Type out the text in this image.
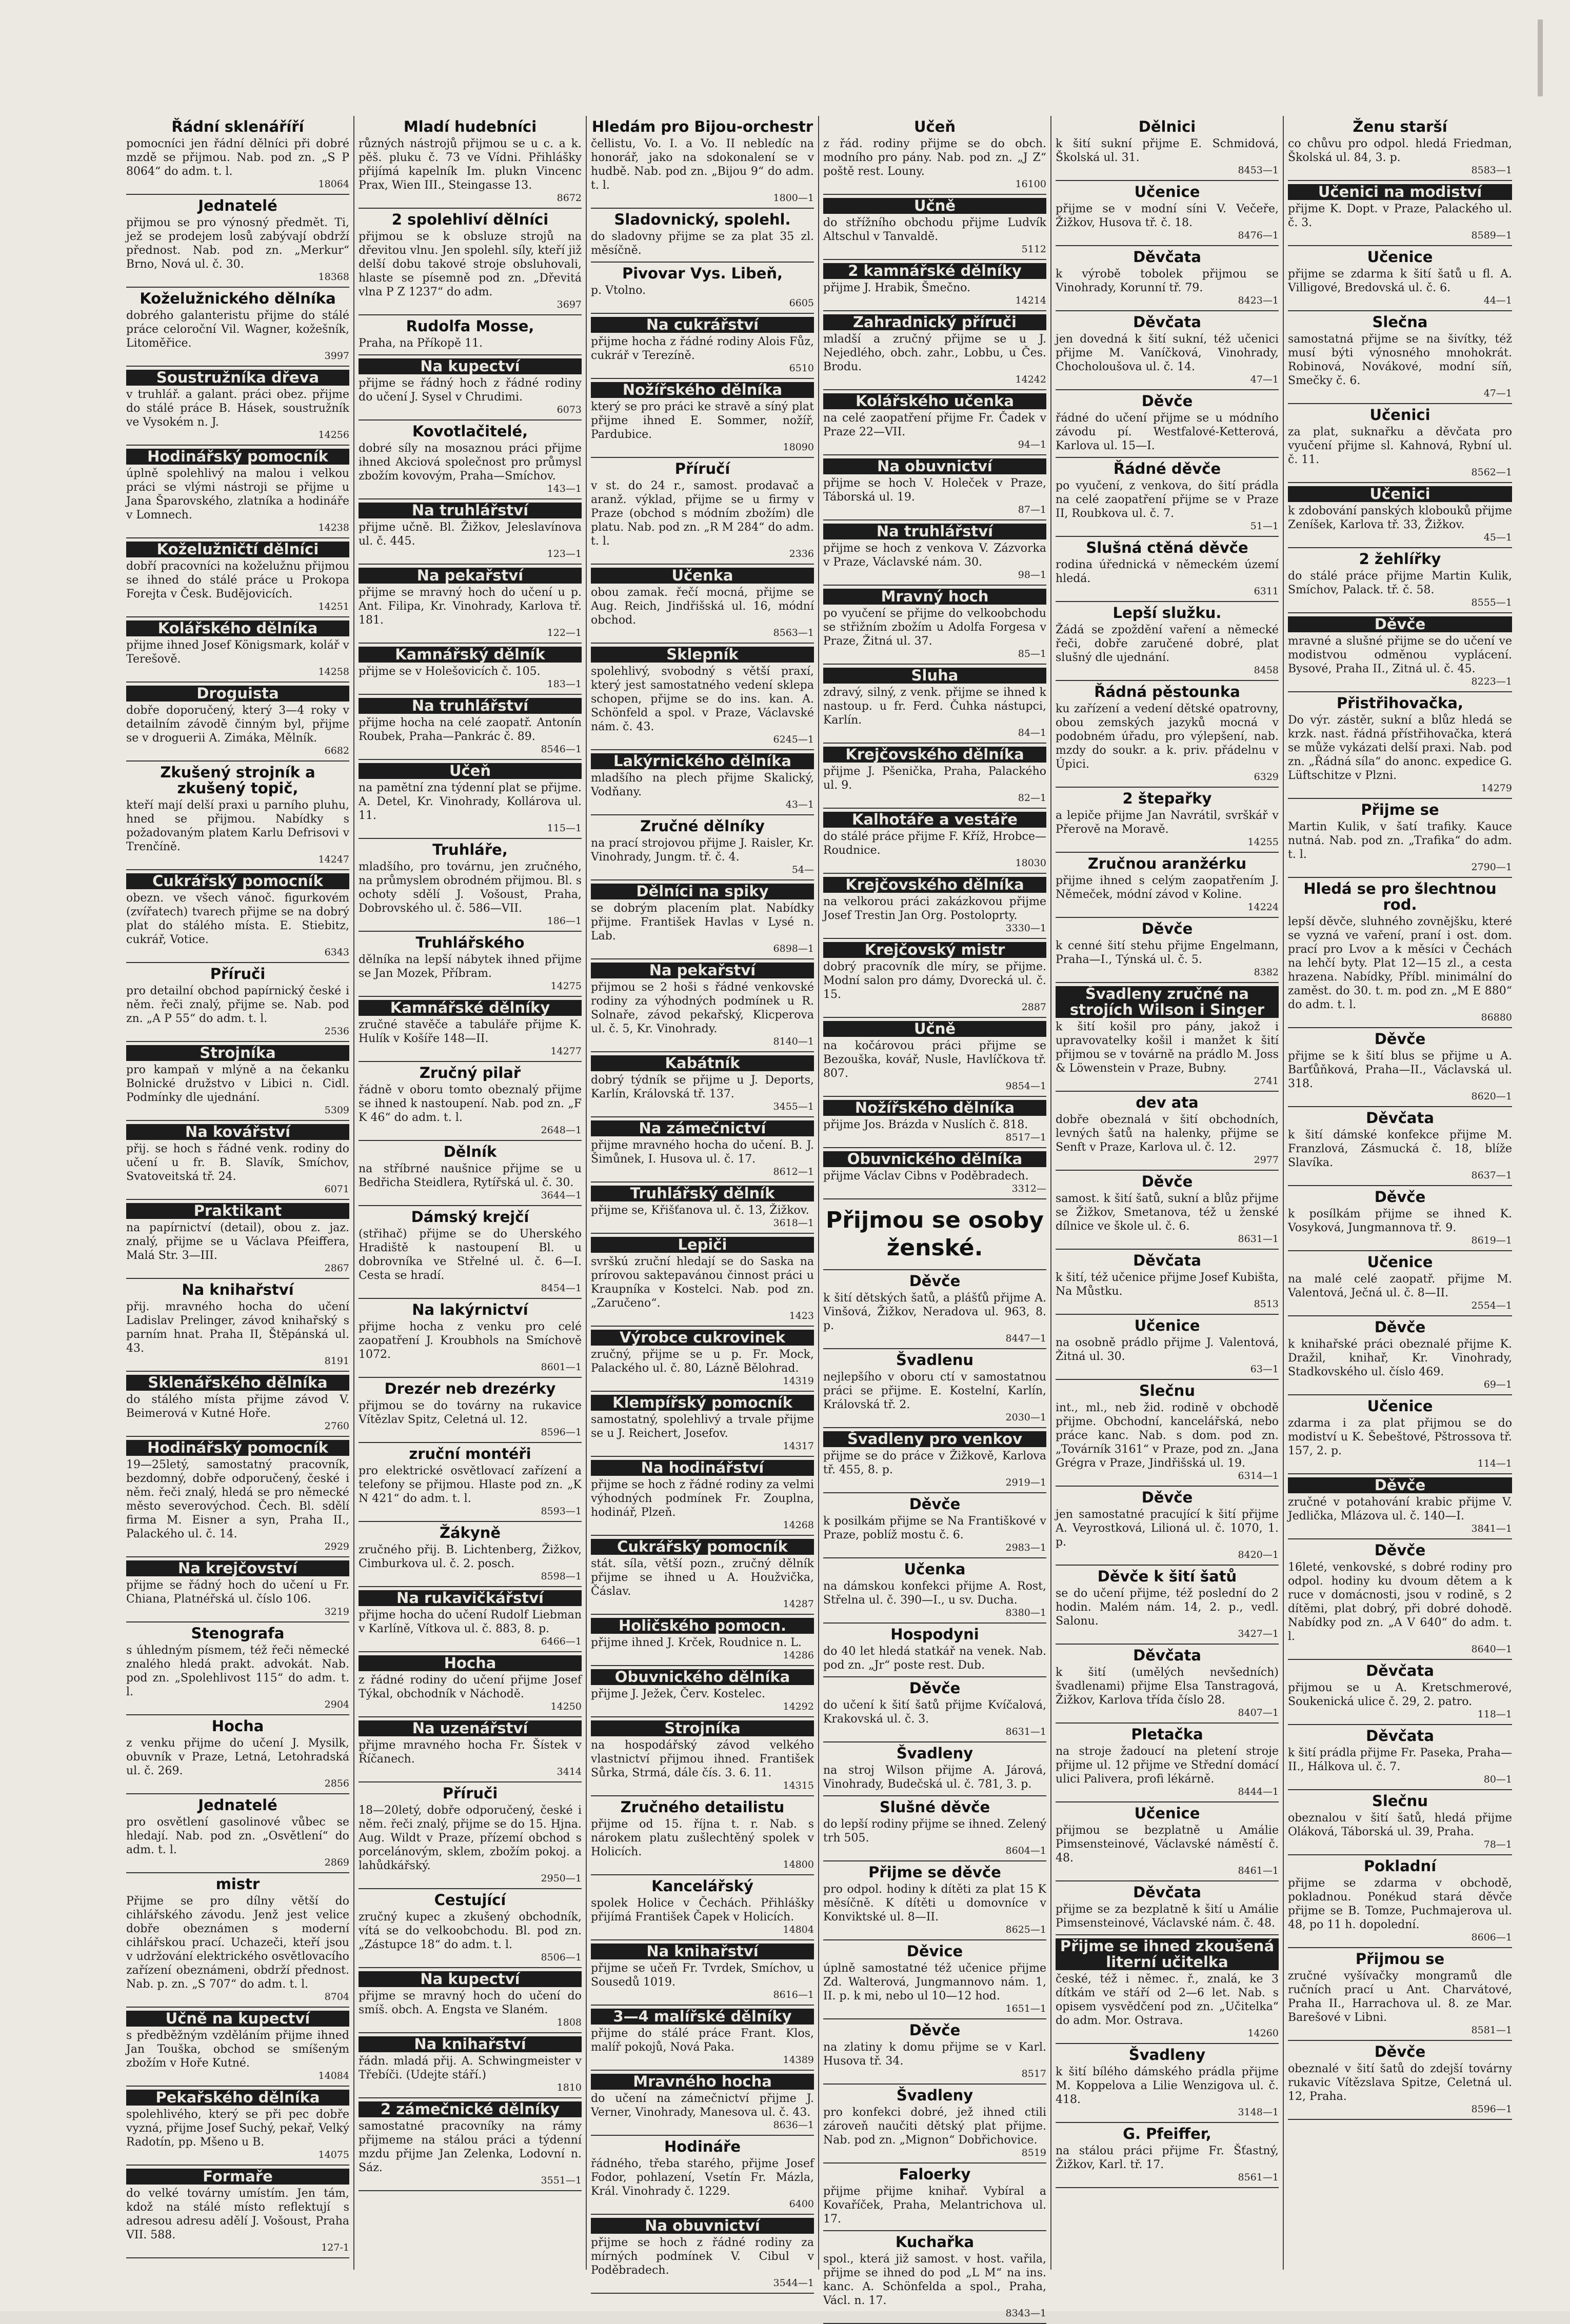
Řádní sklenáříří

pomocníci jen řádní dělníci při dobré mzdě se přijmou. Nab. pod zn. „S P 8064“ do adm. t. l.

18064
Jednatelé

přijmou se pro výnosný předmět. Ti, jež se prodejem losů zabývají obdrží přednost. Nab. pod zn. „Merkur“ Brno, Nová ul. č. 30.

18368
Koželužnického dělníka

dobrého galanteristu přijme do stálé práce celoroční Vil. Wagner, kožešník, Litoměřice.

3997
Soustružníka dřeva

v truhlář. a galant. práci obez. přijme do stálé práce B. Hásek, soustružník ve Vysokém n. J.

14256
Hodinářský pomocník

úplně spolehlivý na malou i velkou práci se vlými nástroji se přijme u Jana Šparovského, zlatníka a hodináře v Lomnech.

14238
Koželužničtí dělníci

dobří pracovníci na koželužnu přijmou se ihned do stálé práce u Prokopa Forejta v Česk. Budějovicích.

14251
Kolářského dělníka

přijme ihned Josef Königsmark, kolář v Terešově.

14258
Droguista

dobře doporučený, který 3—4 roky v detailním závodě činným byl, přijme se v droguerii A. Zimáka, Mělník.

6682
Zkušený strojník a zkušený topič,

kteří mají delší praxi u parního pluhu, hned se přijmou. Nabídky s požadovaným platem Karlu Defrisovi v Trenčíně.

14247
Cukrářský pomocník

obezn. ve všech vánoč. figurkovém (zvířatech) tvarech přijme se na dobrý plat do stálého místa. E. Stiebitz, cukrář, Votice.

6343
Příruči

pro detailní obchod papírnický české i něm. řeči znalý, přijme se. Nab. pod zn. „A P 55“ do adm. t. l.

2536
Strojníka

pro kampaň v mlýně a na čekanku Bolnické družstvo v Libici n. Cidl. Podmínky dle ujednání.

5309
Na kovářství

přij. se hoch s řádné venk. rodiny do učení u fr. B. Slavík, Smíchov, Svatoveitská tř. 24.

6071
Praktikant

na papírnictví (detail), obou z. jaz. znalý, přijme se u Václava Pfeiffera, Malá Str. 3—III.

2867
Na knihařství

přij. mravného hocha do učení Ladislav Prelinger, závod knihařský s parním hnat. Praha II, Štěpánská ul. 43.

8191
Sklenářského dělníka

do stálého místa přijme závod V. Beimerová v Kutné Hoře.

2760
Hodinářský pomocník

19—25letý, samostatný pracovník, bezdomný, dobře odporučený, české i něm. řeči znalý, hledá se pro německé město severovýchod. Čech. Bl. sdělí firma M. Eisner a syn, Praha II., Palackého ul. č. 14.

2929
Na krejčovství

přijme se řádný hoch do učení u Fr. Chiana, Platnéřská ul. číslo 106.

3219
Stenografa

s úhledným písmem, též řeči německé znalého hledá prakt. advokát. Nab. pod zn. „Spolehlivost 115“ do adm. t. l.

2904
Hocha

z venku přijme do učení J. Mysilk, obuvník v Praze, Letná, Letohradská ul. č. 269.

2856
Jednatelé

pro osvětlení gasolinové vůbec se hledají. Nab. pod zn. „Osvětlení“ do adm. t. l.

2869
mistr

Přijme se pro dílny větší do cihlářského závodu. Jenž jest velice dobře obeznámen s moderní cihlářskou prací. Uchazeči, kteří jsou v udržování elektrického osvětlovacího zařízení obeznámeni, obdrží přednost. Nab. p. zn. „S 707“ do adm. t. l.

8704
Učně na kupectví

s předběžným vzděláním přijme ihned Jan Touška, obchod se smíšeným zbožím v Hoře Kutné.

14084
Pekařského dělníka

spolehlivého, který se při pec dobře vyzná, přijme Josef Suchý, pekař, Velký Radotín, pp. Mšeno u B.

14075
Formaře

do velké továrny umístím. Jen tám, kdož na stálé místo reflektují s adresou adresu adělí J. Vošoust, Praha VII. 588.

127-1
Mladí hudebníci

různých nástrojů přijmou se u c. a k. pěš. pluku č. 73 ve Vídni. Přihlášky přijímá kapelník Im. plukn Vincenc Prax, Wien III., Steingasse 13.

8672
2 spolehliví dělníci

přijmou se k obsluze strojů na dřevitou vlnu. Jen spolehl. síly, kteří již delší dobu takové stroje obsluhovali, hlaste se písemně pod zn. „Dřevitá vlna P Z 1237“ do adm.

3697
Rudolfa Mosse,

Praha, na Příkopě 11.

Na kupectví

přijme se řádný hoch z řádné rodiny do učení J. Sysel v Chrudimi.

6073
Kovotlačitelé,

dobré síly na mosaznou práci přijme ihned Akciová společnost pro průmysl zbožím kovovým, Praha—Smíchov.

143—1
Na truhlářství

přijme učně. Bl. Žižkov, Jeleslavínova ul. č. 445.

123—1
Na pekařství

přijme se mravný hoch do učení u p. Ant. Filipa, Kr. Vinohrady, Karlova tř. 181.

122—1
Kamnářský dělník

přijme se v Holešovicích č. 105.

183—1
Na truhlářství

přijme hocha na celé zaopatř. Antonín Roubek, Praha—Pankrác č. 89.

8546—1
Učeň

na pamětní zna týdenní plat se přijme. A. Detel, Kr. Vinohrady, Kollárova ul. 11.

115—1
Truhláře,

mladšího, pro továrnu, jen zručného, na průmyslem obrodném přijmou. Bl. s ochoty sdělí J. Vošoust, Praha, Dobrovského ul. č. 586—VII.

186—1
Truhlářského

dělníka na lepší nábytek ihned přijme se Jan Mozek, Příbram.

14275
Kamnářské dělníky

zručné stavěče a tabuláře přijme K. Hulík v Košíře 148—II.

14277
Zručný pilař

řádně v oboru tomto obeznalý přijme se ihned k nastoupení. Nab. pod zn. „F K 46“ do adm. t. l.

2648—1
Dělník

na stříbrné naušnice přijme se u Bedřicha Steidlera, Rytířská ul. č. 30.

3644—1
Dámský krejčí

(střihač) přijme se do Uherského Hradiště k nastoupení Bl. u dobrovníka ve Střelné ul. č. 6—I. Cesta se hradí.

8454—1
Na lakýrnictví

přijme hocha z venku pro celé zaopatření J. Kroubhols na Smíchově 1072.

8601—1
Drezér neb drezérky

přijmou se do továrny na rukavice Vítězlav Spitz, Celetná ul. 12.

8596—1
zruční montéři

pro elektrické osvětlovací zařízení a telefony se přijmou. Hlaste pod zn. „K N 421“ do adm. t. l.

8593—1
Žákyně

zručného přij. B. Lichtenberg, Žižkov, Cimburkova ul. č. 2. posch.

8598—1
Na rukavičkářství

přijme hocha do učení Rudolf Liebman v Karlíně, Vítkova ul. č. 883, 8. p.

6466—1
Hocha

z řádné rodiny do učení přijme Josef Týkal, obchodník v Náchodě.

14250
Na uzenářství

přijme mravného hocha Fr. Šístek v Říčanech.

3414
Příruči

18—20letý, dobře odporučený, české i něm. řeči znalý, přijme se do 15. Hjna. Aug. Wildt v Praze, přízemí obchod s porcelánovým, sklem, zbožím pokoj. a lahůdkářský.

2950—1
Cestující

zručný kupec a zkušený obchodník, vítá se do velkoobchodu. Bl. pod zn. „Zástupce 18“ do adm. t. l.

8506—1
Na kupectví

přijme se mravný hoch do učení do smíš. obch. A. Engsta ve Slaném.

1808
Na knihařství

řádn. mladá přij. A. Schwingmeister v Třebíči. (Udejte stáří.)

1810
2 zámečnické dělníky

samostatné pracovníky na rámy přijmeme na stálou práci a týdenní mzdu přijme Jan Zelenka, Lodovní n. Sáz.

3551—1
Hledám pro Bijou-orchestr

čellistu, Vo. I. a Vo. II nebledíc na honorář, jako na sdokonalení se v hudbě. Nab. pod zn. „Bijou 9“ do adm. t. l.

1800—1
Sladovnický, spolehl.

do sladovny přijme se za plat 35 zl. měsíčně.

Pivovar Vys. Libeň,

p. Vtolno.

6605
Na cukrářství

přijme hocha z řádné rodiny Alois Fůz, cukrář v Terezíně.

6510
Nožířského dělníka

který se pro práci ke stravě a síný plat přijme ihned E. Sommer, nožíř, Pardubice.

18090
Příručí

v st. do 24 r., samost. prodavač a aranž. výklad, přijme se u firmy v Praze (obchod s módním zbožím) dle platu. Nab. pod zn. „R M 284“ do adm. t. l.

2336
Učenka

obou zamak. řečí mocná, přijme se Aug. Reich, Jindřišská ul. 16, módní obchod.

8563—1
Sklepník

spolehlivý, svobodný s větší praxí, který jest samostatného vedení sklepa schopen, přijme se do ins. kan. A. Schönfeld a spol. v Praze, Václavské nám. č. 43.

6245—1
Lakýrnického dělníka

mladšího na plech přijme Skalický, Vodňany.

43—1
Zručné dělníky

na prací strojovou přijme J. Raisler, Kr. Vinohrady, Jungm. tř. č. 4.

54—
Dělníci na spiky

se dobrým placením plat. Nabídky přijme. František Havlas v Lysé n. Lab.

6898—1
Na pekařství

přijmou se 2 hoši s řádné venkovské rodiny za výhodných podmínek u R. Solnaře, závod pekařský, Klicperova ul. č. 5, Kr. Vinohrady.

8140—1
Kabátník

dobrý týdník se přijme u J. Deports, Karlín, Královská tř. 137.

3455—1
Na zámečnictví

přijme mravného hocha do učení. B. J. Šimůnek, I. Husova ul. č. 17.

8612—1
Truhlářský dělník

přijme se, Křišťanova ul. č. 13, Žižkov.

3618—1
Lepiči

svrškú zruční hledají se do Saska na prírovou saktepavánou činnost práci u Kraupníka v Kostelci. Nab. pod zn. „Zaručeno“.

1423
Výrobce cukrovinek

zručný, přijme se u p. Fr. Mock, Palackého ul. č. 80, Lázně Bělohrad.

14319
Klempířský pomocník

samostatný, spolehlivý a trvale přijme se u J. Reichert, Josefov.

14317
Na hodinářství

přijme se hoch z řádné rodiny za velmi výhodných podmínek Fr. Zouplna, hodinář, Plzeň.

14268
Cukrářský pomocník

stát. síla, větší pozn., zručný dělník přijme se ihned u A. Houžvička, Čáslav.

14287
Holičského pomocn.

přijme ihned J. Krček, Roudnice n. L.

14286
Obuvnického dělníka

přijme J. Ježek, Červ. Kostelec.

14292
Strojníka

na hospodářský závod velkého vlastnictví přijmou ihned. František Sůrka, Strmá, dále čís. 3. 6. 11.

14315
Zručného detailistu

přijme od 15. října t. r. Nab. s nárokem platu zušlechtěný spolek v Holicích.

14800
Kancelářský

spolek Holice v Čechách. Přihlášky přijímá František Čapek v Holicích.

14804
Na knihařství

přijme se učeň Fr. Tvrdek, Smíchov, u Sousedů 1019.

8616—1
3—4 malířské dělníky

přijme do stálé práce Frant. Klos, malíř pokojů, Nová Paka.

14389
Mravného hocha

do učení na zámečnictví přijme J. Verner, Vinohrady, Manesova ul. č. 43.

8636—1
Hodináře

řádného, třeba starého, přijme Josef Fodor, pohlazení, Vsetín Fr. Mázla, Král. Vinohrady č. 1229.

6400
Na obuvnictví

přijme se hoch z řádné rodiny za mírných podmínek V. Cibul v Poděbradech.

3544—1
Učeň

z řád. rodiny přijme se do obch. modního pro pány. Nab. pod zn. „J Z“ poště rest. Louny.

16100
Učně

do střížního obchodu přijme Ludvík Altschul v Tanvaldě.

5112
2 kamnářské dělníky

přijme J. Hrabik, Šmečno.

14214
Zahradnický příruči

mladší a zručný přijme se u J. Nejedlého, obch. zahr., Lobbu, u Čes. Brodu.

14242
Kolářského učenka

na celé zaopatření přijme Fr. Čadek v Praze 22—VII.

94—1
Na obuvnictví

přijme se hoch V. Holeček v Praze, Táborská ul. 19.

87—1
Na truhlářství

přijme se hoch z venkova V. Zázvorka v Praze, Václavské nám. 30.

98—1
Mravný hoch

po vyučení se přijme do velkoobchodu se střižním zbožím u Adolfa Forgesa v Praze, Žitná ul. 37.

85—1
Sluha

zdravý, silný, z venk. přijme se ihned k nastoup. u fr. Ferd. Čuhka nástupci, Karlín.

84—1
Krejčovského dělníka

přijme J. Pšenička, Praha, Palackého ul. 9.

82—1
Kalhotáře a vestáře

do stálé práce přijme F. Kříž, Hrobce—Roudnice.

18030
Krejčovského dělníka

na velkorou práci zakázkovou přijme Josef Trestin Jan Org. Postoloprty.

3330—1
Krejčovský mistr

dobrý pracovník dle míry, se přijme. Modní salon pro dámy, Dvorecká ul. č. 15.

2887
Učně

na kočárovou práci přijme se Bezouška, kovář, Nusle, Havlíčkova tř. 807.

9854—1
Nožířského dělníka

přijme Jos. Brázda v Nuslích č. 818.

8517—1
Obuvnického dělníka

přijme Václav Cibns v Poděbradech.

3312—
Přijmou se osoby ženské.
Děvče

k šití dětských šatů, a plášťů přijme A. Vinšová, Žižkov, Neradova ul. 963, 8. p.

8447—1
Švadlenu

nejlepšího v oboru ctí v samostatnou práci se přijme. E. Kostelní, Karlín, Královská tř. 2.

2030—1
Švadleny pro venkov

přijme se do práce v Žižkově, Karlova tř. 455, 8. p.

2919—1
Děvče

k posilkám přijme se Na Františkové v Praze, poblíž mostu č. 6.

2983—1
Učenka

na dámskou konfekci přijme A. Rost, Střelna ul. č. 390—I., u sv. Ducha.

8380—1
Hospodyni

do 40 let hledá statkář na venek. Nab. pod zn. „Jr“ poste rest. Dub.

Děvče

do učení k šití šatů přijme Kvíčalová, Krakovská ul. č. 3.

8631—1
Švadleny

na stroj Wilson přijme A. Járová, Vinohrady, Budečská ul. č. 781, 3. p.

Slušné děvče

do lepší rodiny přijme se ihned. Zelený trh 505.

8604—1
Přijme se děvče

pro odpol. hodiny k dítěti za plat 15 K měsíčně. K dítěti u domovníce v Konviktské ul. 8—II.

8625—1
Děvice

úplně samostatné též učenice přijme Zd. Walterová, Jungmannovo nám. 1, II. p. k mi, nebo ul 10—12 hod.

1651—1
Děvče

na zlatiny k domu přijme se v Karl. Husova tř. 34.

8517
Švadleny

pro konfekci dobré, jež ihned ctili zároveň naučiti dětský plat přijme. Nab. pod zn. „Mignon“ Dobřichovice.

8519
Faloerky

přijme přijme knihař. Vybíral a Kovaříček, Praha, Melantrichova ul. 17.

Kuchařka

spol., která již samost. v host. vařila, přijme se ihned do pod „L M“ na ins. kanc. A. Schönfelda a spol., Praha, Václ. n. 17.

8343—1
Dělnici

k šití sukní přijme E. Schmidová, Školská ul. 31.

8453—1
Učenice

přijme se v modní síni V. Večeře, Žižkov, Husova tř. č. 18.

8476—1
Děvčata

k výrobě tobolek přijmou se Vinohrady, Korunní tř. 79.

8423—1
Děvčata

jen dovedná k šití sukní, též učenici přijme M. Vaníčková, Vinohrady, Chocholoušova ul. č. 14.

47—1
Děvče

řádné do učení přijme se u módního závodu pí. Westfalové-Ketterová, Karlova ul. 15—I.

Řádné děvče

po vyučení, z venkova, do šití prádla na celé zaopatření přijme se v Praze II, Roubkova ul. č. 7.

51—1
Slušná ctěná děvče

rodina úřednická v německém území hledá.

6311
Lepší služku.

Žádá se zpoždění vaření a německé řeči, dobře zaručené dobré, plat slušný dle ujednání.

8458
Řádná pěstounka

ku zařízení a vedení dětské opatrovny, obou zemských jazyků mocná v podobném úřadu, pro výlepšení, nab. mzdy do soukr. a k. priv. přádelnu v Úpici.

6329
2 štepařky

a lepiče přijme Jan Navrátil, svrškář v Přerově na Moravě.

14255
Zručnou aranžérku

přijme ihned s celým zaopatřením J. Němeček, módní závod v Koline.

14224
Děvče

k cenné šití stehu přijme Engelmann, Praha—I., Týnská ul. č. 5.

8382
Švadleny zručné na strojích Wilson i Singer

k šití košil pro pány, jakož i upravovatelky košil i manžet k šití přijmou se v továrně na prádlo M. Joss & Löwenstein v Praze, Bubny.

2741
dev ata

dobře obeznalá v šití obchodních, levných šatů na halenky, přijme se Senft v Praze, Karlova ul. č. 12.

2977
Děvče

samost. k šití šatů, sukní a blůz přijme se Žižkov, Smetanova, též u ženské dílnice ve škole ul. č. 6.

8631—1
Děvčata

k šití, též učenice přijme Josef Kubišta, Na Můstku.

8513
Učenice

na osobně prádlo přijme J. Valentová, Žitná ul. 30.

63—1
Slečnu

int., ml., neb žid. rodině v obchodě přijme. Obchodní, kancelářská, nebo práce kanc. Nab. s dom. pod zn. „Továrník 3161“ v Praze, pod zn. „Jana Grégra v Praze, Jindřišská ul. 19.

6314—1
Děvče

jen samostatné pracující k šití přijme A. Veyrostková, Lilioná ul. č. 1070, 1. p.

8420—1
Děvče k šití šatů

se do učení přijme, též poslední do 2 hodin. Malém nám. 14, 2. p., vedl. Salonu.

3427—1
Děvčata

k šití (umělých nevšedních) švadlenami) přijme Elsa Tanstragová, Žižkov, Karlova třída číslo 28.

8407—1
Pletačka

na stroje žadoucí na pletení stroje přijme ul. 12 přijme ve Střední domácí ulici Palivera, profi lékárně.

8444—1
Učenice

přijmou se bezplatně u Amálie Pimsensteinové, Václavské náměstí č. 48.

8461—1
Děvčata

přijme se za bezplatně k šití u Amálie Pimsensteinové, Václavské nám. č. 48.

Přijme se ihned zkoušená literní učitelka

české, též i němec. ř., znalá, ke 3 dítkám ve stáří od 2—6 let. Nab. s opisem vysvědčení pod zn. „Učitelka“ do adm. Mor. Ostrava.

14260
Švadleny

k šití bílého dámského prádla přijme M. Koppelova a Lilie Wenzigova ul. č. 418.

3148—1
G. Pfeiffer,

na stálou práci přijme Fr. Šťastný, Žižkov, Karl. tř. 17.

8561—1
Ženu starší

co chůvu pro odpol. hledá Friedman, Školská ul. 84, 3. p.

8583—1
Učenici na modiství

přijme K. Dopt. v Praze, Palackého ul. č. 3.

8589—1
Učenice

přijme se zdarma k šití šatů u fl. A. Villigové, Bredovská ul. č. 6.

44—1
Slečna

samostatná přijme se na šivítky, též musí býti výnosného mnohokrát. Robinová, Novákové, modní síň, Smečky č. 6.

47—1
Učenici

za plat, suknařku a děvčata pro vyučení přijme sl. Kahnová, Rybní ul. č. 11.

8562—1
Učenici

k zdobování panských klobouků přijme Zeníšek, Karlova tř. 33, Žižkov.

45—1
2 žehlířky

do stálé práce přijme Martin Kulik, Smíchov, Palack. tř. č. 58.

8555—1
Děvče

mravné a slušné přijme se do učení ve modistvou odměnou vyplácení. Bysové, Praha II., Zitná ul. č. 45.

8223—1
Přistřihovačka,

Do výr. zástěr, sukní a blůz hledá se krzk. nast. řádná přístřihovačka, která se může vykázati delší praxi. Nab. pod zn. „Řádná síla“ do anonc. expedice G. Lüftschitze v Plzni.

14279
Přijme se

Martin Kulik, v šatí trafiky. Kauce nutná. Nab. pod zn. „Trafika“ do adm. t. l.

2790—1
Hledá se pro šlechtnou rod.

lepší děvče, sluhného zovnějšku, které se vyzná ve vaření, praní i ost. dom. prací pro Lvov a k měsíci v Čechách na lehčí byty. Plat 12—15 zl., a cesta hrazena. Nabídky, Příbl. minimální do zaměst. do 30. t. m. pod zn. „M E 880“ do adm. t. l.

86880
Děvče

přijme se k šití blus se přijme u A. Barťůňková, Praha—II., Václavská ul. 318.

8620—1
Děvčata

k šití dámské konfekce přijme M. Franzlová, Zásmucká č. 18, blíže Slavíka.

8637—1
Děvče

k posílkám přijme se ihned K. Vosyková, Jungmannova tř. 9.

8619—1
Učenice

na malé celé zaopatř. přijme M. Valentová, Ječná ul. č. 8—II.

2554—1
Děvče

k knihařské práci obeznalé přijme K. Dražil, knihař, Kr. Vinohrady, Stadkovského ul. číslo 469.

69—1
Učenice

zdarma i za plat přijmou se do modiství u K. Šebeštové, Pštrossova tř. 157, 2. p.

114—1
Děvče

zručné v potahování krabic přijme V. Jedlička, Mlázova ul. č. 140—I.

3841—1
Děvče

16leté, venkovské, s dobré rodiny pro odpol. hodiny ku dvoum dětem a k ruce v domácnosti, jsou v rodině, s 2 dítěmi, plat dobrý, při dobré dohodě. Nabídky pod zn. „A V 640“ do adm. t. l.

8640—1
Děvčata

přijmou se u A. Kretschmerové, Soukenická ulice č. 29, 2. patro.

118—1
Děvčata

k šití prádla přijme Fr. Paseka, Praha—II., Hálkova ul. č. 7.

80—1
Slečnu

obeznalou v šití šatů, hledá přijme Oláková, Táborská ul. 39, Praha.

78—1
Pokladní

přijme se zdarma v obchodě, pokladnou. Ponékud stará děvče přijme se B. Tomze, Puchmajerova ul. 48, po 11 h. dopolední.

8606—1
Přijmou se

zručné vyšívačky mongramů dle ručních prací u Ant. Charvátové, Praha II., Harrachova ul. 8. ze Mar. Barešové v Libni.

8581—1
Děvče

obeznalé v šití šatů do zdejší továrny rukavic Vítězslava Spitze, Celetná ul. 12, Praha.

8596—1
